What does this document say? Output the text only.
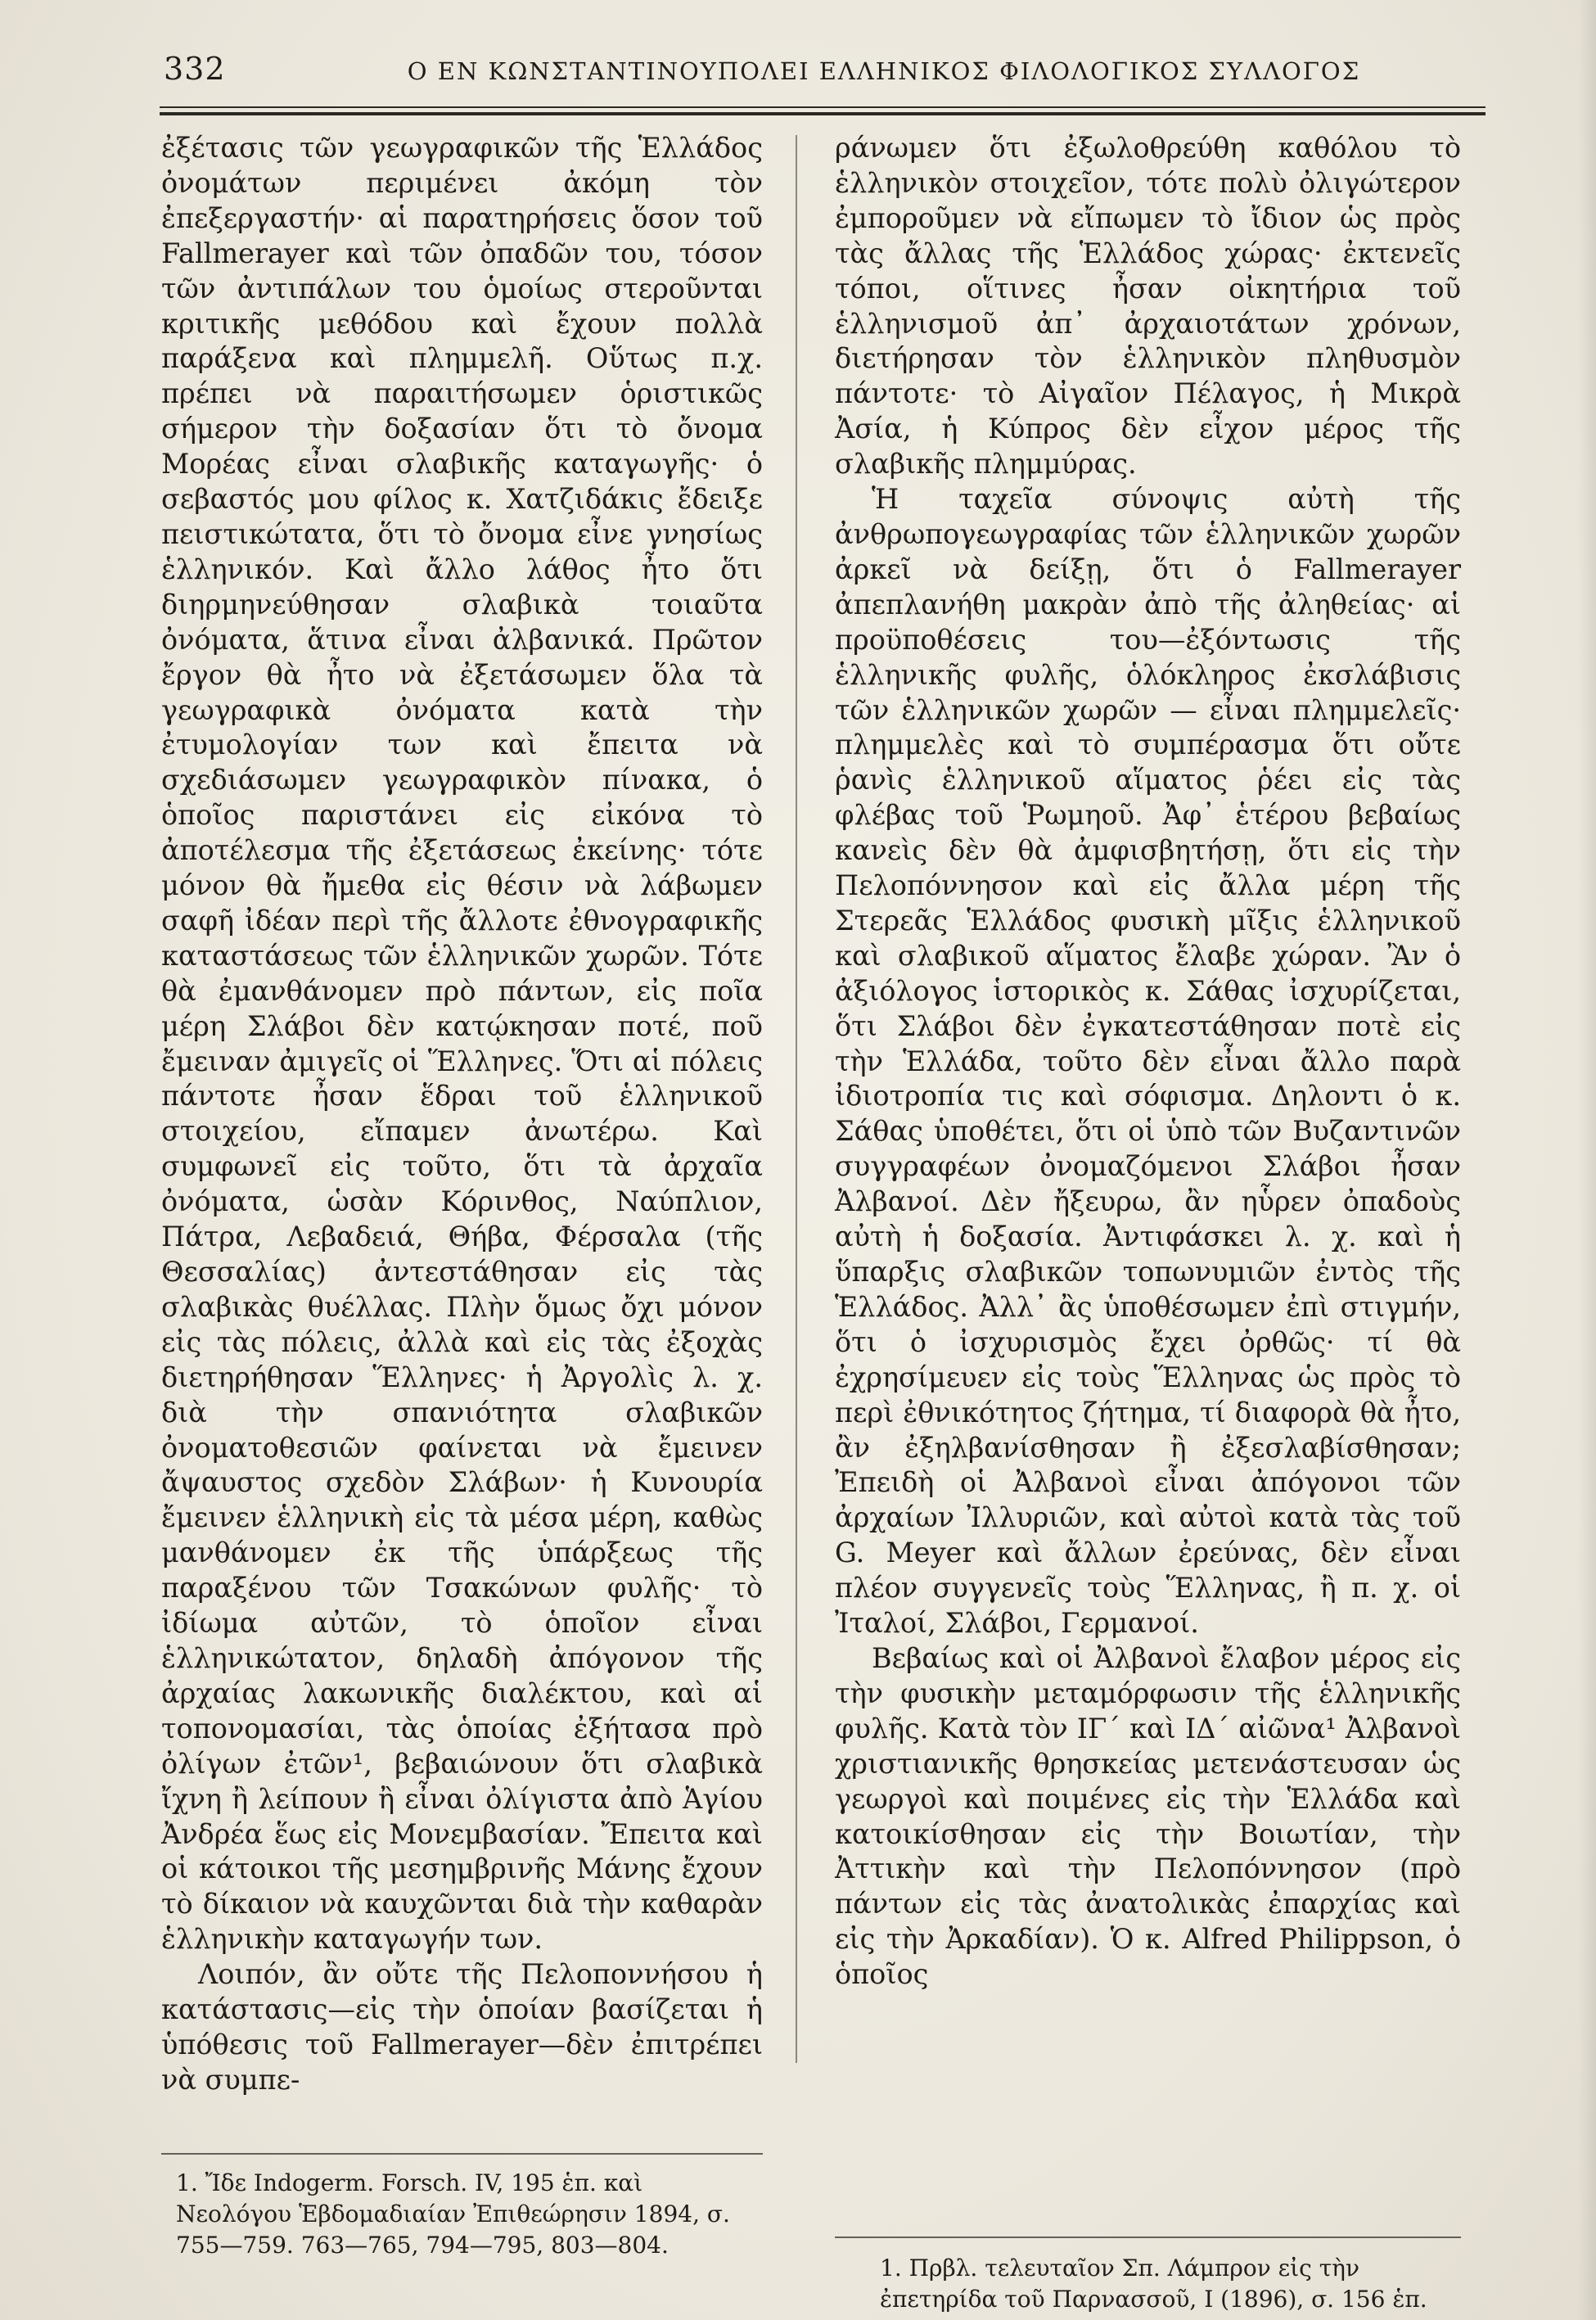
332	Ο ΕΝ ΚΩΝΣΤΑΝΤΙΝΟΥΠΟΛΕΙ ΕΛΛΗΝΙΚΟΣ ΦΙΛΟΛΟΓΙΚΟΣ ΣΥΛΛΟΓΟΣ

ἐξέτασις τῶν γεωγραφικῶν τῆς Ἑλλάδος ὀνομάτων περιμένει ἀκόμη τὸν ἐπεξεργαστήν· αἱ παρατηρήσεις ὅσον τοῦ Fallmerayer καὶ τῶν ὀπαδῶν του, τόσον τῶν ἀντιπάλων του ὁμοίως στεροῦνται κριτικῆς μεθόδου καὶ ἔχουν πολλὰ παράξενα καὶ πλημμελῆ. Οὕτως π.χ. πρέπει νὰ παραιτήσωμεν ὁριστικῶς σήμερον τὴν δοξασίαν ὅτι τὸ ὄνομα Μορέας εἶναι σλαβικῆς καταγωγῆς· ὁ σεβαστός μου φίλος κ. Χατζιδάκις ἔδειξε πειστικώτατα, ὅτι τὸ ὄνομα εἶνε γνησίως ἑλληνικόν. Καὶ ἄλλο λάθος ἦτο ὅτι διηρμηνεύθησαν σλαβικὰ τοιαῦτα ὀνόματα, ἅτινα εἶναι ἀλβανικά. Πρῶτον ἔργον θὰ ἦτο νὰ ἐξετάσωμεν ὅλα τὰ γεωγραφικὰ ὀνόματα κατὰ τὴν ἐτυμολογίαν των καὶ ἔπειτα νὰ σχεδιάσωμεν γεωγραφικὸν πίνακα, ὁ ὁποῖος παριστάνει εἰς εἰκόνα τὸ ἀποτέλεσμα τῆς ἐξετάσεως ἐκείνης· τότε μόνον θὰ ἤμεθα εἰς θέσιν νὰ λάβωμεν σαφῆ ἰδέαν περὶ τῆς ἄλλοτε ἐθνογραφικῆς καταστάσεως τῶν ἑλληνικῶν χωρῶν. Τότε θὰ ἐμανθάνομεν πρὸ πάντων, εἰς ποῖα μέρη Σλάβοι δὲν κατῴκησαν ποτέ, ποῦ ἔμειναν ἀμιγεῖς οἱ Ἕλληνες. Ὅτι αἱ πόλεις πάντοτε ἦσαν ἕδραι τοῦ ἑλληνικοῦ στοιχείου, εἴπαμεν ἀνωτέρω. Καὶ συμφωνεῖ εἰς τοῦτο, ὅτι τὰ ἀρχαῖα ὀνόματα, ὡσὰν Κόρινθος, Ναύπλιον, Πάτρα, Λεβαδειά, Θήβα, Φέρσαλα (τῆς Θεσσαλίας) ἀντεστάθησαν εἰς τὰς σλαβικὰς θυέλλας. Πλὴν ὅμως ὄχι μόνον εἰς τὰς πόλεις, ἀλλὰ καὶ εἰς τὰς ἐξοχὰς διετηρήθησαν Ἕλληνες· ἡ Ἀργολὶς λ. χ. διὰ τὴν σπανιότητα σλαβικῶν ὀνοματοθεσιῶν φαίνεται νὰ ἔμεινεν ἄψαυστος σχεδὸν Σλάβων· ἡ Κυνουρία ἔμεινεν ἑλληνικὴ εἰς τὰ μέσα μέρη, καθὼς μανθάνομεν ἐκ τῆς ὑπάρξεως τῆς παραξένου τῶν Τσακώνων φυλῆς· τὸ ἰδίωμα αὐτῶν, τὸ ὁποῖον εἶναι ἑλληνικώτατον, δηλαδὴ ἀπόγονον τῆς ἀρχαίας λακωνικῆς διαλέκτου, καὶ αἱ τοπονομασίαι, τὰς ὁποίας ἐξήτασα πρὸ ὀλίγων ἐτῶν¹, βεβαιώνουν ὅτι σλαβικὰ ἴχνη ἢ λείπουν ἢ εἶναι ὀλίγιστα ἀπὸ Ἁγίου Ἀνδρέα ἕως εἰς Μονεμβασίαν. Ἔπειτα καὶ οἱ κάτοικοι τῆς μεσημβρινῆς Μάνης ἔχουν τὸ δίκαιον νὰ καυχῶνται διὰ τὴν καθαρὰν ἑλληνικὴν καταγωγήν των.

Λοιπόν, ἂν οὔτε τῆς Πελοποννήσου ἡ κατάστασις—εἰς τὴν ὁποίαν βασίζεται ἡ ὑπόθεσις τοῦ Fallmerayer—δὲν ἐπιτρέπει νὰ συμπε-

ράνωμεν ὅτι ἐξωλοθρεύθη καθόλου τὸ ἑλληνικὸν στοιχεῖον, τότε πολὺ ὀλιγώτερον ἐμποροῦμεν νὰ εἴπωμεν τὸ ἴδιον ὡς πρὸς τὰς ἄλλας τῆς Ἑλλάδος χώρας· ἐκτενεῖς τόποι, οἵτινες ἦσαν οἰκητήρια τοῦ ἑλληνισμοῦ ἀπ᾽ ἀρχαιοτάτων χρόνων, διετήρησαν τὸν ἑλληνικὸν πληθυσμὸν πάντοτε· τὸ Αἰγαῖον Πέλαγος, ἡ Μικρὰ Ἀσία, ἡ Κύπρος δὲν εἶχον μέρος τῆς σλαβικῆς πλημμύρας.

Ἡ ταχεῖα σύνοψις αὐτὴ τῆς ἀνθρωπογεωγραφίας τῶν ἑλληνικῶν χωρῶν ἀρκεῖ νὰ δείξῃ, ὅτι ὁ Fallmerayer ἀπεπλανήθη μακρὰν ἀπὸ τῆς ἀληθείας· αἱ προϋποθέσεις του—ἐξόντωσις τῆς ἑλληνικῆς φυλῆς, ὁλόκληρος ἐκσλάβισις τῶν ἑλληνικῶν χωρῶν — εἶναι πλημμελεῖς· πλημμελὲς καὶ τὸ συμπέρασμα ὅτι οὔτε ῥανὶς ἑλληνικοῦ αἵματος ῥέει εἰς τὰς φλέβας τοῦ Ῥωμηοῦ. Ἀφ᾽ ἑτέρου βεβαίως κανεὶς δὲν θὰ ἀμφισβητήσῃ, ὅτι εἰς τὴν Πελοπόννησον καὶ εἰς ἄλλα μέρη τῆς Στερεᾶς Ἑλλάδος φυσικὴ μῖξις ἑλληνικοῦ καὶ σλαβικοῦ αἵματος ἔλαβε χώραν. Ἂν ὁ ἀξιόλογος ἱστορικὸς κ. Σάθας ἰσχυρίζεται, ὅτι Σλάβοι δὲν ἐγκατεστάθησαν ποτὲ εἰς τὴν Ἑλλάδα, τοῦτο δὲν εἶναι ἄλλο παρὰ ἰδιοτροπία τις καὶ σόφισμα. Δηλοντι ὁ κ. Σάθας ὑποθέτει, ὅτι οἱ ὑπὸ τῶν Βυζαντινῶν συγγραφέων ὀνομαζόμενοι Σλάβοι ἦσαν Ἀλβανοί. Δὲν ἤξευρω, ἂν ηὗρεν ὀπαδοὺς αὐτὴ ἡ δοξασία. Ἀντιφάσκει λ. χ. καὶ ἡ ὕπαρξις σλαβικῶν τοπωνυμιῶν ἐντὸς τῆς Ἑλλάδος. Ἀλλ᾽ ἂς ὑποθέσωμεν ἐπὶ στιγμήν, ὅτι ὁ ἰσχυρισμὸς ἔχει ὀρθῶς· τί θὰ ἐχρησίμευεν εἰς τοὺς Ἕλληνας ὡς πρὸς τὸ περὶ ἐθνικότητος ζήτημα, τί διαφορὰ θὰ ἦτο, ἂν ἐξηλβανίσθησαν ἢ ἐξεσλαβίσθησαν; Ἐπειδὴ οἱ Ἀλβανοὶ εἶναι ἀπόγονοι τῶν ἀρχαίων Ἰλλυριῶν, καὶ αὐτοὶ κατὰ τὰς τοῦ G. Meyer καὶ ἄλλων ἐρεύνας, δὲν εἶναι πλέον συγγενεῖς τοὺς Ἕλληνας, ἢ π. χ. οἱ Ἰταλοί, Σλάβοι, Γερμανοί.

Βεβαίως καὶ οἱ Ἀλβανοὶ ἔλαβον μέρος εἰς τὴν φυσικὴν μεταμόρφωσιν τῆς ἑλληνικῆς φυλῆς. Κατὰ τὸν ΙΓ΄ καὶ ΙΔ΄ αἰῶνα¹ Ἀλβανοὶ χριστιανικῆς θρησκείας μετενάστευσαν ὡς γεωργοὶ καὶ ποιμένες εἰς τὴν Ἑλλάδα καὶ κατοικίσθησαν εἰς τὴν Βοιωτίαν, τὴν Ἀττικὴν καὶ τὴν Πελοπόννησον (πρὸ πάντων εἰς τὰς ἀνατολικὰς ἐπαρχίας καὶ εἰς τὴν Ἀρκαδίαν). Ὁ κ. Alfred Philippson, ὁ ὁποῖος

1. Ἴδε Indogerm. Forsch. IV, 195 ἑπ. καὶ Νεολόγου Ἑβδομαδιαίαν Ἐπιθεώρησιν 1894, σ. 755—759. 763—765, 794—795, 803—804.
1. Πρβλ. τελευταῖον Σπ. Λάμπρον εἰς τὴν ἐπετηρίδα τοῦ Παρνασσοῦ, I (1896), σ. 156 ἑπ.
